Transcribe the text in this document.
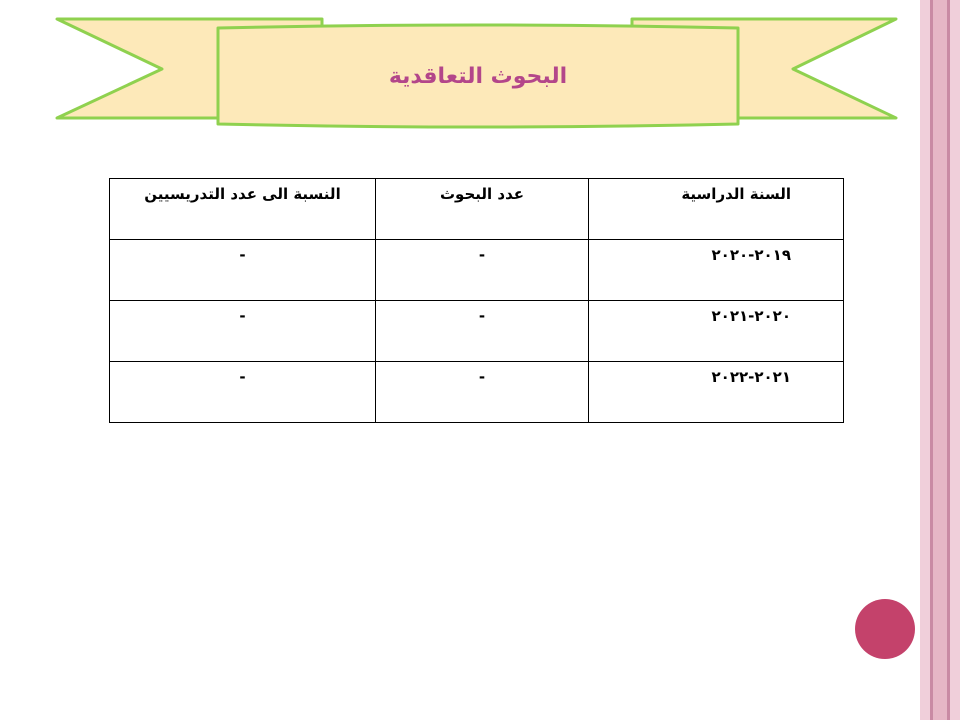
البحوث التعاقدية
السنة الدراسية	عدد البحوث	النسبة الى عدد التدريسيين
٢٠١٩-٢٠٢٠	-	-
٢٠٢٠-٢٠٢١	-	-
٢٠٢١-٢٠٢٢	-	-
